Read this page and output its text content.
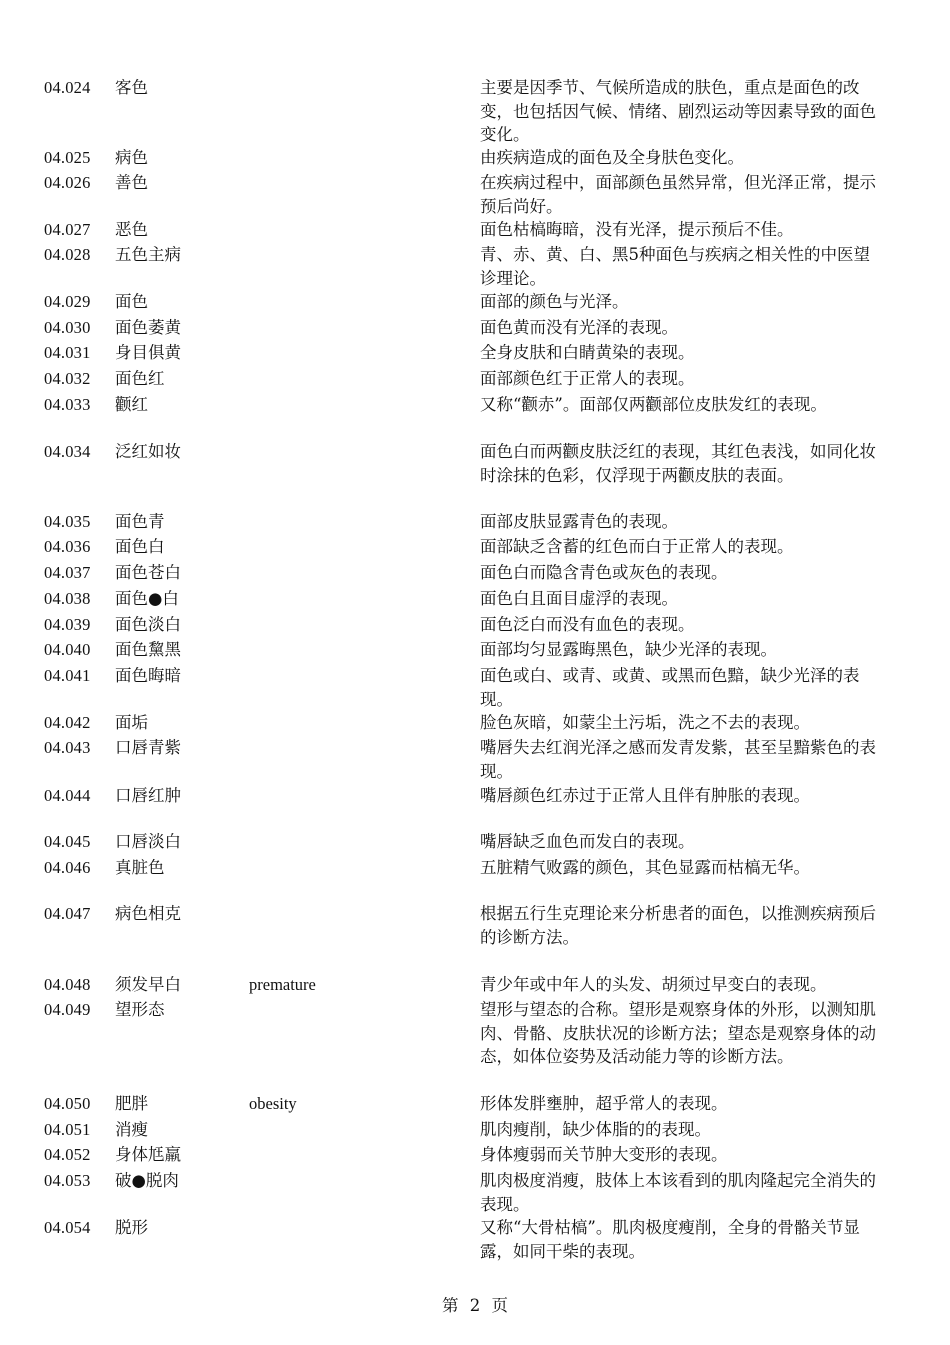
04.024 客色	主要是因季节、气候所造成的肤色，重点是面色的改变，也包括因气候、情绪、剧烈运动等因素导致的面色变化。
04.025 病色	由疾病造成的面色及全身肤色变化。
04.026 善色	在疾病过程中，面部颜色虽然异常，但光泽正常，提示预后尚好。
04.027 恶色	面色枯槁晦暗，没有光泽，提示预后不佳。
04.028 五色主病	青、赤、黄、白、黑5种面色与疾病之相关性的中医望诊理论。
04.029 面色	面部的颜色与光泽。
04.030 面色萎黄	面色黄而没有光泽的表现。
04.031 身目俱黄	全身皮肤和白睛黄染的表现。
04.032 面色红	面部颜色红于正常人的表现。
04.033 颧红	又称“颧赤”。面部仅两颧部位皮肤发红的表现。
04.034 泛红如妆	面色白而两颧皮肤泛红的表现，其红色表浅，如同化妆时涂抹的色彩，仅浮现于两颧皮肤的表面。
04.035 面色青	面部皮肤显露青色的表现。
04.036 面色白	面部缺乏含蓄的红色而白于正常人的表现。
04.037 面色苍白	面色白而隐含青色或灰色的表现。
04.038 面色●白	面色白且面目虚浮的表现。
04.039 面色淡白	面色泛白而没有血色的表现。
04.040 面色黧黑	面部均匀显露晦黑色，缺少光泽的表现。
04.041 面色晦暗	面色或白、或青、或黄、或黑而色黯，缺少光泽的表现。
04.042 面垢	脸色灰暗，如蒙尘土污垢，洗之不去的表现。
04.043 口唇青紫	嘴唇失去红润光泽之感而发青发紫，甚至呈黯紫色的表现。
04.044 口唇红肿	嘴唇颜色红赤过于正常人且伴有肿胀的表现。
04.045 口唇淡白	嘴唇缺乏血色而发白的表现。
04.046 真脏色	五脏精气败露的颜色，其色显露而枯槁无华。
04.047 病色相克	根据五行生克理论来分析患者的面色，以推测疾病预后的诊断方法。
04.048 须发早白	premature	青少年或中年人的头发、胡须过早变白的表现。
04.049 望形态	望形与望态的合称。望形是观察身体的外形，以测知肌肉、骨骼、皮肤状况的诊断方法；望态是观察身体的动态，如体位姿势及活动能力等的诊断方法。
04.050 肥胖	obesity	形体发胖壅肿，超乎常人的表现。
04.051 消瘦	肌肉瘦削，缺少体脂的的表现。
04.052 身体尪羸	身体瘦弱而关节肿大变形的表现。
04.053 破●脱肉	肌肉极度消瘦，肢体上本该看到的肌肉隆起完全消失的表现。
04.054 脱形	又称“大骨枯槁”。肌肉极度瘦削，全身的骨骼关节显露，如同干柴的表现。
第 2 页
